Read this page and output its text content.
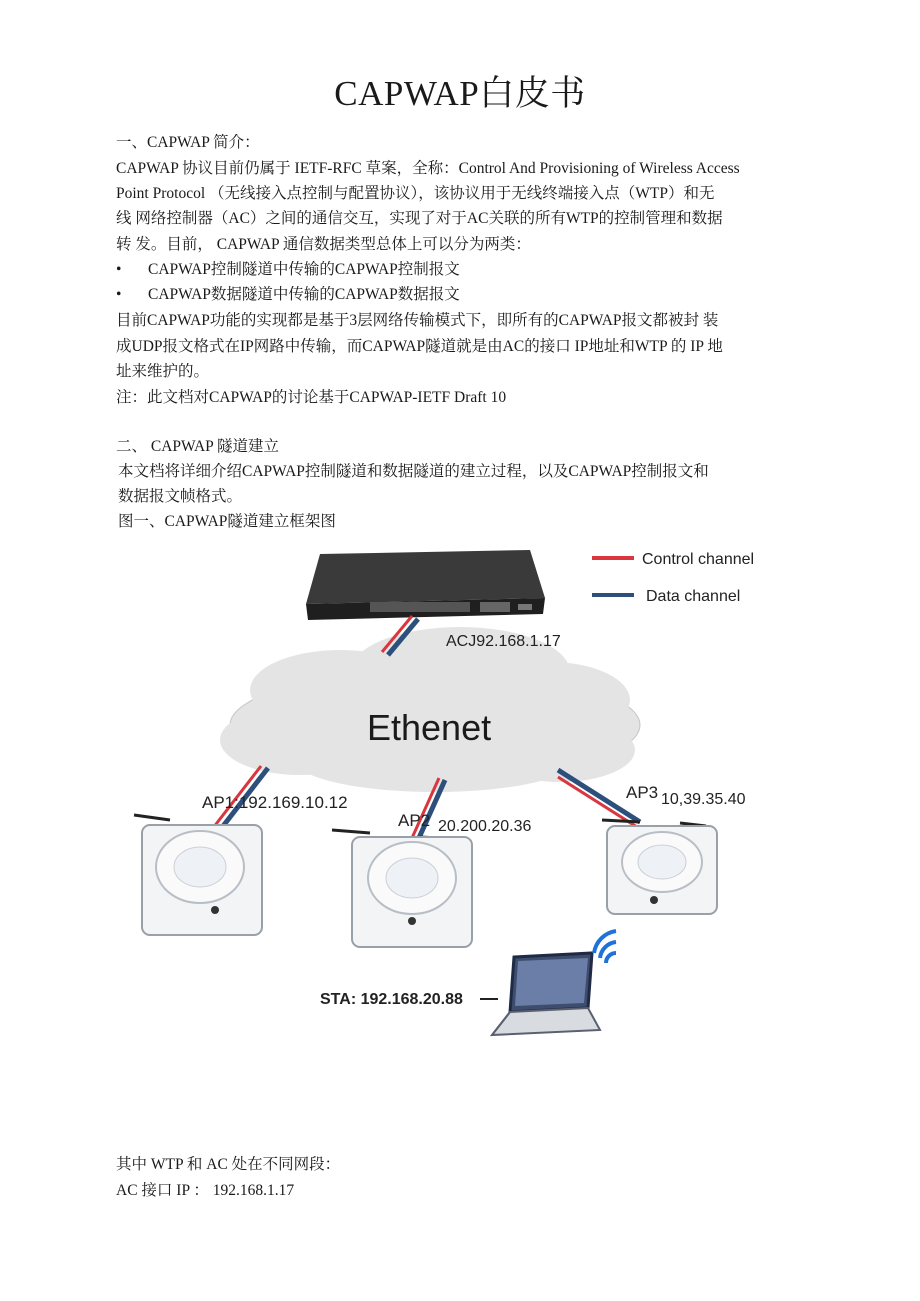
CAPWAP白皮书
一、CAPWAP 简介：
CAPWAP 协议目前仍属于 IETF-RFC 草案，全称：Control And Provisioning of Wireless Access
Point Protocol （无线接入点控制与配置协议），该协议用于无线终端接入点（WTP）和无
线 网络控制器（AC）之间的通信交互，实现了对于AC关联的所有WTP的控制管理和数据
转 发。目前， CAPWAP 通信数据类型总体上可以分为两类：
• CAPWAP控制隧道中传输的CAPWAP控制报文
• CAPWAP数据隧道中传输的CAPWAP数据报文
目前CAPWAP功能的实现都是基于3层网络传输模式下，即所有的CAPWAP报文都被封 装
成UDP报文格式在IP网路中传输，而CAPWAP隧道就是由AC的接口 IP地址和WTP 的 IP 地
址来维护的。
注：此文档对CAPWAP的讨论基于CAPWAP-IETF Draft 10
二、 CAPWAP 隧道建立
本文档将详细介绍CAPWAP控制隧道和数据隧道的建立过程，以及CAPWAP控制报文和
数据报文帧格式。
图一、CAPWAP隧道建立框架图
Control channel
Data channel
Ethenet
ACJ92.168.1.17
AP1:192.169.10.12
AP2 20.200.20.36
AP3 10,39.35.40
STA: 192.168.20.88
其中 WTP 和 AC 处在不同网段：
AC 接口 IP ： 192.168.1.17
